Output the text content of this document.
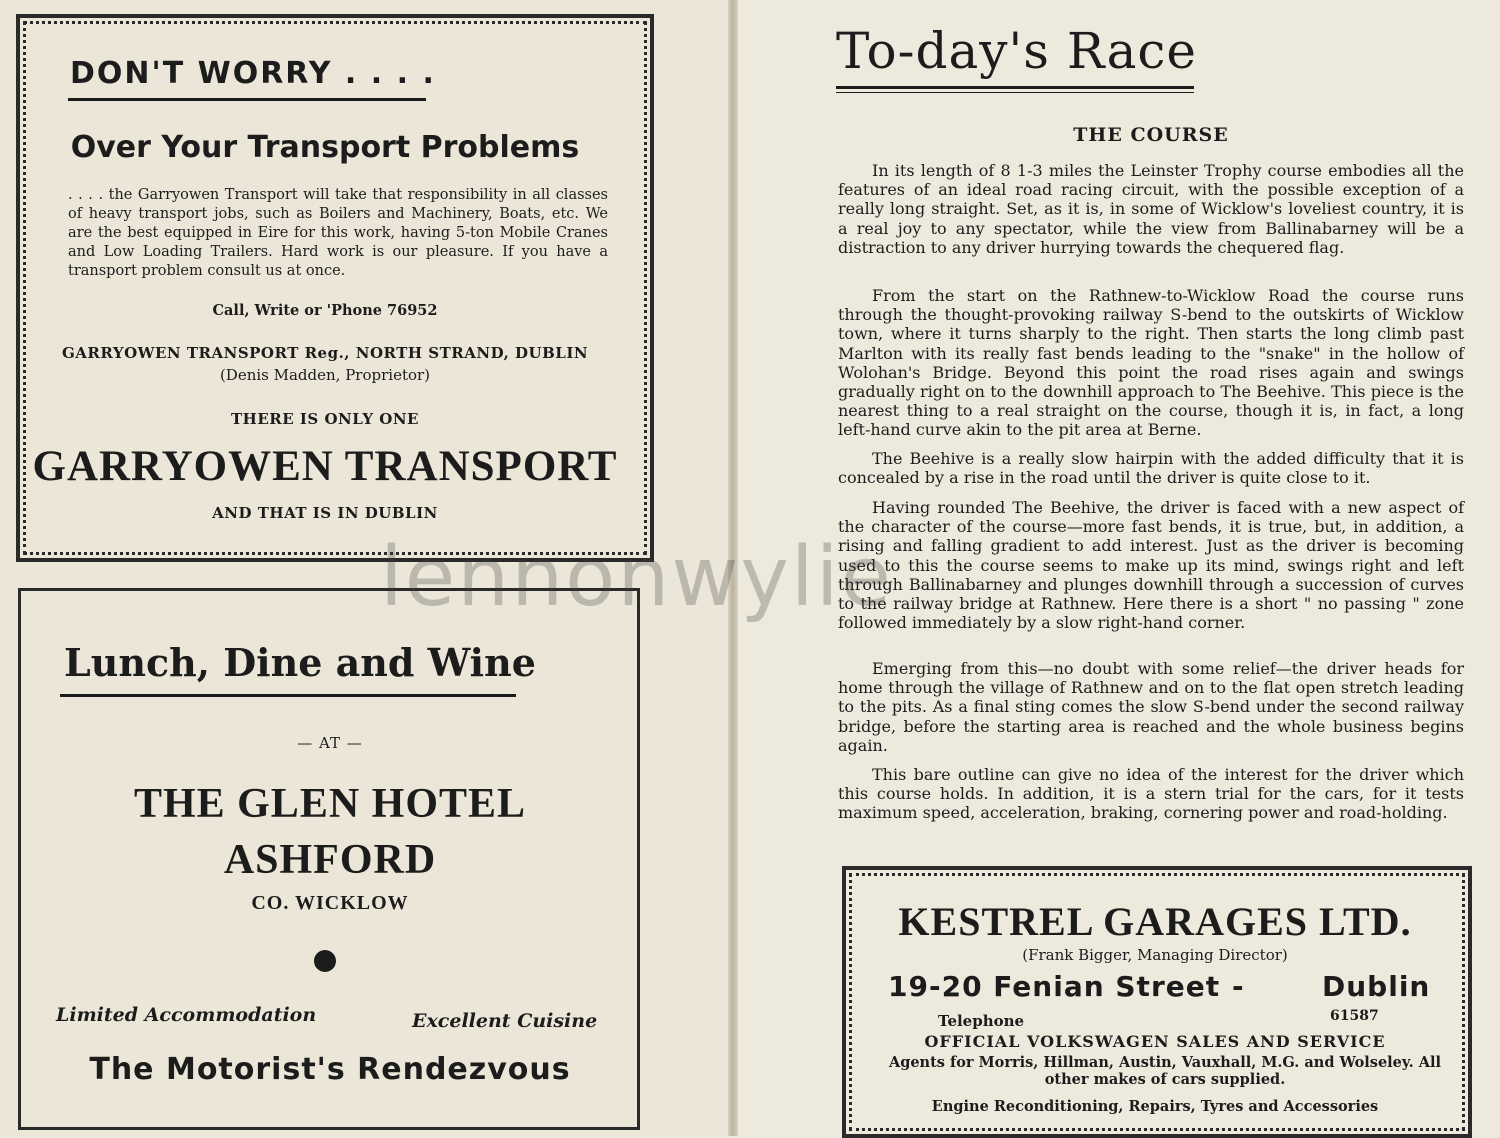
DON'T WORRY . . . .
Over Your Transport Problems
. . . . the Garryowen Transport will take that responsibility in all classes of heavy transport jobs, such as Boilers and Machinery, Boats, etc. We are the best equipped in Eire for this work, having 5-ton Mobile Cranes and Low Loading Trailers. Hard work is our pleasure. If you have a transport problem consult us at once.
Call, Write or 'Phone 76952
GARRYOWEN TRANSPORT Reg., NORTH STRAND, DUBLIN
(Denis Madden, Proprietor)
THERE IS ONLY ONE
GARRYOWEN TRANSPORT
AND THAT IS IN DUBLIN
Lunch, Dine and Wine
— AT —
THE GLEN HOTEL
ASHFORD
CO. WICKLOW
Limited Accommodation	Excellent Cuisine
The Motorist's Rendezvous
To-day's Race
THE COURSE
In its length of 8 1-3 miles the Leinster Trophy course embodies all the features of an ideal road racing circuit, with the possible exception of a really long straight. Set, as it is, in some of Wicklow's loveliest country, it is a real joy to any spectator, while the view from Ballinabarney will be a distraction to any driver hurrying towards the chequered flag.
From the start on the Rathnew-to-Wicklow Road the course runs through the thought-provoking railway S-bend to the outskirts of Wicklow town, where it turns sharply to the right. Then starts the long climb past Marlton with its really fast bends leading to the "snake" in the hollow of Wolohan's Bridge. Beyond this point the road rises again and swings gradually right on to the downhill approach to The Beehive. This piece is the nearest thing to a real straight on the course, though it is, in fact, a long left-hand curve akin to the pit area at Berne.
The Beehive is a really slow hairpin with the added difficulty that it is concealed by a rise in the road until the driver is quite close to it.
Having rounded The Beehive, the driver is faced with a new aspect of the character of the course—more fast bends, it is true, but, in addition, a rising and falling gradient to add interest. Just as the driver is becoming used to this the course seems to make up its mind, swings right and left through Ballinabarney and plunges downhill through a succession of curves to the railway bridge at Rathnew. Here there is a short " no passing " zone followed immediately by a slow right-hand corner.
Emerging from this—no doubt with some relief—the driver heads for home through the village of Rathnew and on to the flat open stretch leading to the pits. As a final sting comes the slow S-bend under the second railway bridge, before the starting area is reached and the whole business begins again.
This bare outline can give no idea of the interest for the driver which this course holds. In addition, it is a stern trial for the cars, for it tests maximum speed, acceleration, braking, cornering power and road-holding.
KESTREL GARAGES LTD.
(Frank Bigger, Managing Director)
19-20 Fenian Street -	Dublin
Telephone	61587
OFFICIAL VOLKSWAGEN SALES AND SERVICE
Agents for Morris, Hillman, Austin, Vauxhall, M.G. and Wolseley. All other makes of cars supplied.
Engine Reconditioning, Repairs, Tyres and Accessories
lennonwylie
